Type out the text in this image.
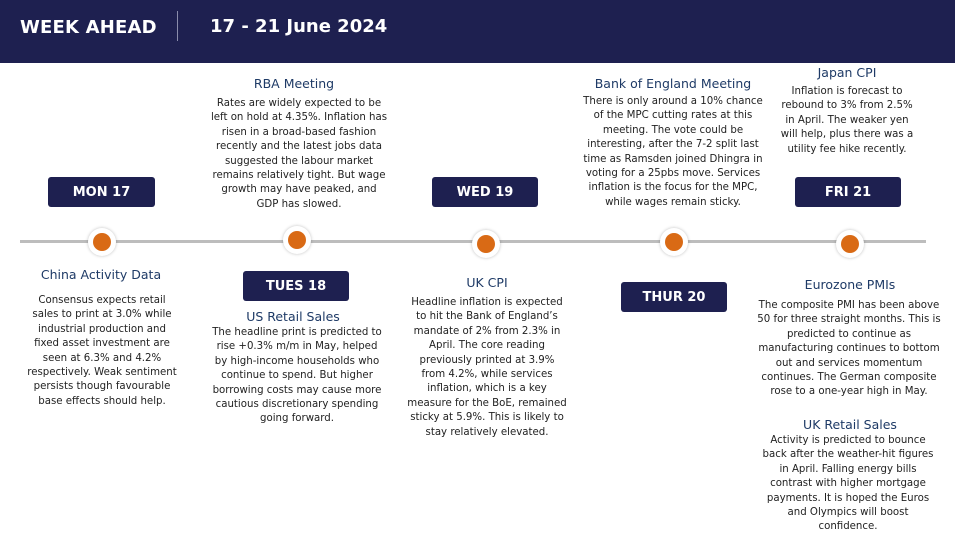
WEEK AHEAD	17 - 21 June 2024
MON 17
TUES 18
WED 19
THUR 20
FRI 21
China Activity Data
Consensus expects retail sales to print at 3.0% while industrial production and fixed asset investment are seen at 6.3% and 4.2% respectively. Weak sentiment persists though favourable base effects should help.
RBA Meeting
Rates are widely expected to be left on hold at 4.35%. Inflation has risen in a broad-based fashion recently and the latest jobs data suggested the labour market remains relatively tight. But wage growth may have peaked, and GDP has slowed.
US Retail Sales
The headline print is predicted to rise +0.3% m/m in May, helped by high-income households who continue to spend. But higher borrowing costs may cause more cautious discretionary spending going forward.
UK CPI
Headline inflation is expected to hit the Bank of England’s mandate of 2% from 2.3% in April. The core reading previously printed at 3.9% from 4.2%, while services inflation, which is a key measure for the BoE, remained sticky at 5.9%. This is likely to stay relatively elevated.
Bank of England Meeting
There is only around a 10% chance of the MPC cutting rates at this meeting. The vote could be interesting, after the 7-2 split last time as Ramsden joined Dhingra in voting for a 25pbs move. Services inflation is the focus for the MPC, while wages remain sticky.
Japan CPI
Inflation is forecast to rebound to 3% from 2.5% in April. The weaker yen will help, plus there was a utility fee hike recently.
Eurozone PMIs
The composite PMI has been above 50 for three straight months. This is predicted to continue as manufacturing continues to bottom out and services momentum continues. The German composite rose to a one-year high in May.
UK Retail Sales
Activity is predicted to bounce back after the weather-hit figures in April. Falling energy bills contrast with higher mortgage payments. It is hoped the Euros and Olympics will boost confidence.
